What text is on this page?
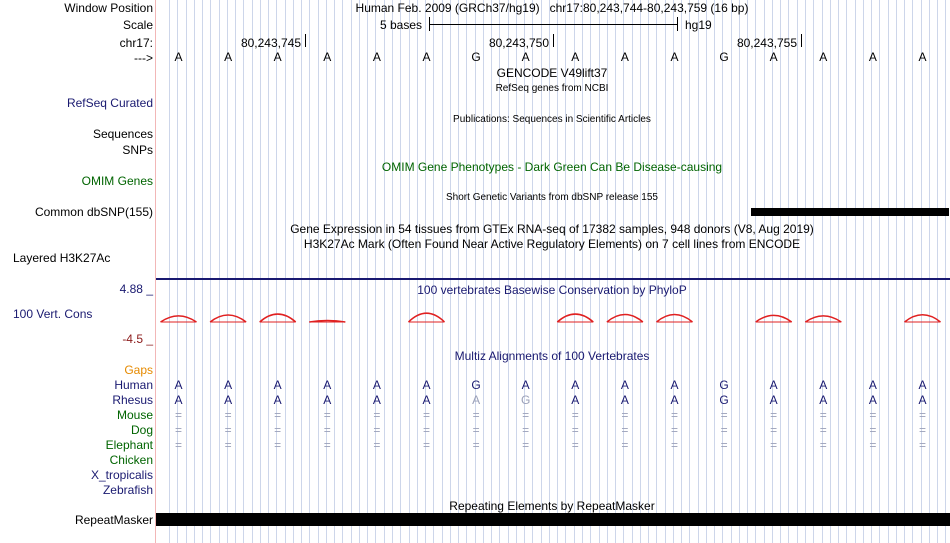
Window Position	Human Feb. 2009 (GRCh37/hg19)   chr17:80,243,744-80,243,759 (16 bp)
Scale	5 bases	hg19
chr17:	80,243,745	80,243,750	80,243,755
--->	A	A	A	A	A	A	G	A	A	A	A	G	A	A	A	A
GENCODE V49lift37
RefSeq genes from NCBI
RefSeq Curated
Publications: Sequences in Scientific Articles
Sequences
SNPs
OMIM Gene Phenotypes - Dark Green Can Be Disease-causing
OMIM Genes
Short Genetic Variants from dbSNP release 155
Common dbSNP(155)
Gene Expression in 54 tissues from GTEx RNA-seq of 17382 samples, 948 donors (V8, Aug 2019)
H3K27Ac Mark (Often Found Near Active Regulatory Elements) on 7 cell lines from ENCODE
Layered H3K27Ac
4.88 _	100 vertebrates Basewise Conservation by PhyloP
100 Vert. Cons
-4.5 _
Multiz Alignments of 100 Vertebrates
Gaps
Human	A	A	A	A	A	A	G	A	A	A	A	G	A	A	A	A
Rhesus	A	A	A	A	A	A	A	G	A	A	A	G	A	A	A	A
Mouse	=	=	=	=	=	=	=	=	=	=	=	=	=	=	=	=
Dog	=	=	=	=	=	=	=	=	=	=	=	=	=	=	=	=
Elephant	=	=	=	=	=	=	=	=	=	=	=	=	=	=	=	=
Chicken
X_tropicalis
Zebrafish
Repeating Elements by RepeatMasker
RepeatMasker
